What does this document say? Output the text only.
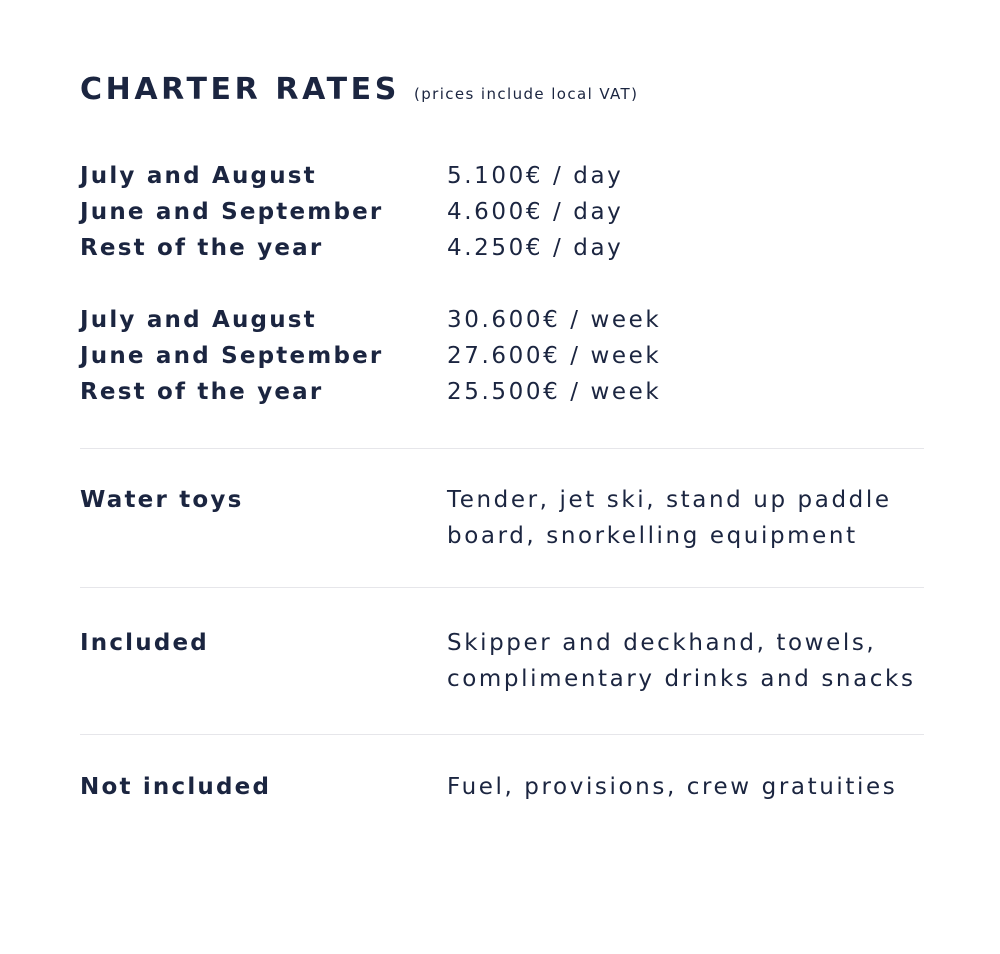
CHARTER RATES (prices include local VAT)
July and August	5.100€ / day
June and September	4.600€ / day
Rest of the year	4.250€ / day
July and August	30.600€ / week
June and September	27.600€ / week
Rest of the year	25.500€ / week
Water toys	Tender, jet ski, stand up paddle
board, snorkelling equipment
Included	Skipper and deckhand, towels,
complimentary drinks and snacks
Not included	Fuel, provisions, crew gratuities
